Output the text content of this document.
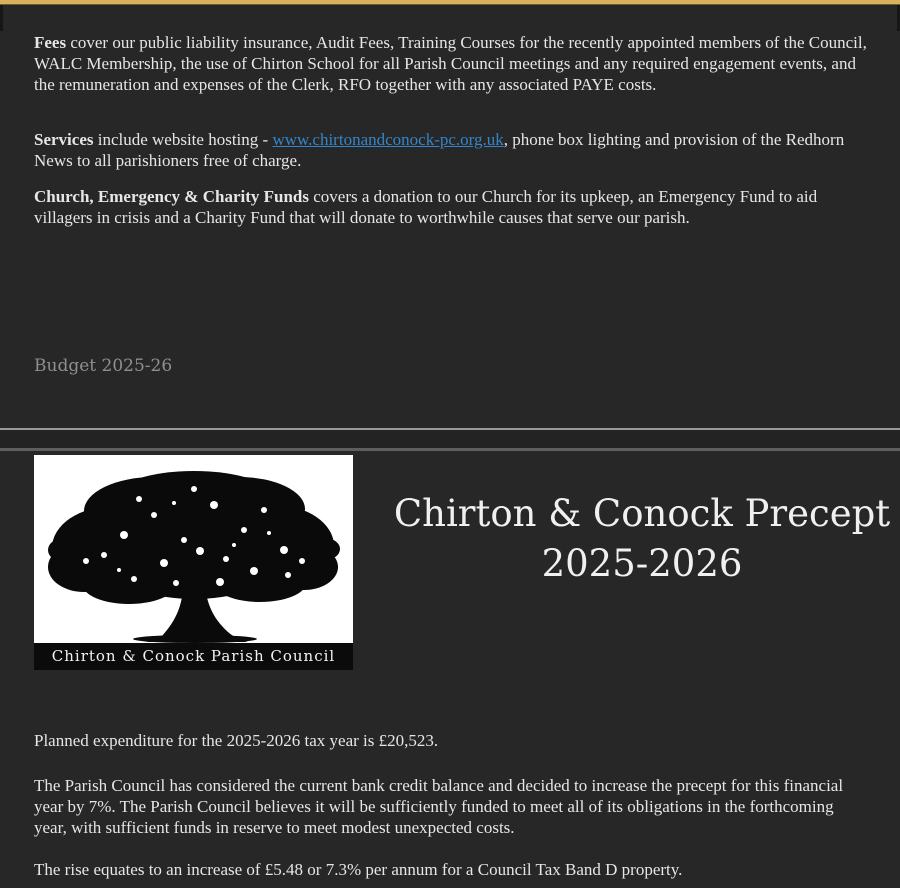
Fees cover our public liability insurance, Audit Fees, Training Courses for the recently appointed members of the Council, WALC Membership, the use of Chirton School for all Parish Council meetings and any required engagement events, and the remuneration and expenses of the Clerk, RFO together with any associated PAYE costs.

Services include website hosting - www.chirtonandconock-pc.org.uk, phone box lighting and provision of the Redhorn News to all parishioners free of charge.

Church, Emergency & Charity Funds covers a donation to our Church for its upkeep, an Emergency Fund to aid villagers in crisis and a Charity Fund that will donate to worthwhile causes that serve our parish.

Budget 2025-26
Chirton & Conock Parish Council
Chirton & Conock Precept
2025-2026

Planned expenditure for the 2025-2026 tax year is £20,523.

The Parish Council has considered the current bank credit balance and decided to increase the precept for this financial year by 7%. The Parish Council believes it will be sufficiently funded to meet all of its obligations in the forthcoming year, with sufficient funds in reserve to meet modest unexpected costs.

The rise equates to an increase of £5.48 or 7.3% per annum for a Council Tax Band D property.
